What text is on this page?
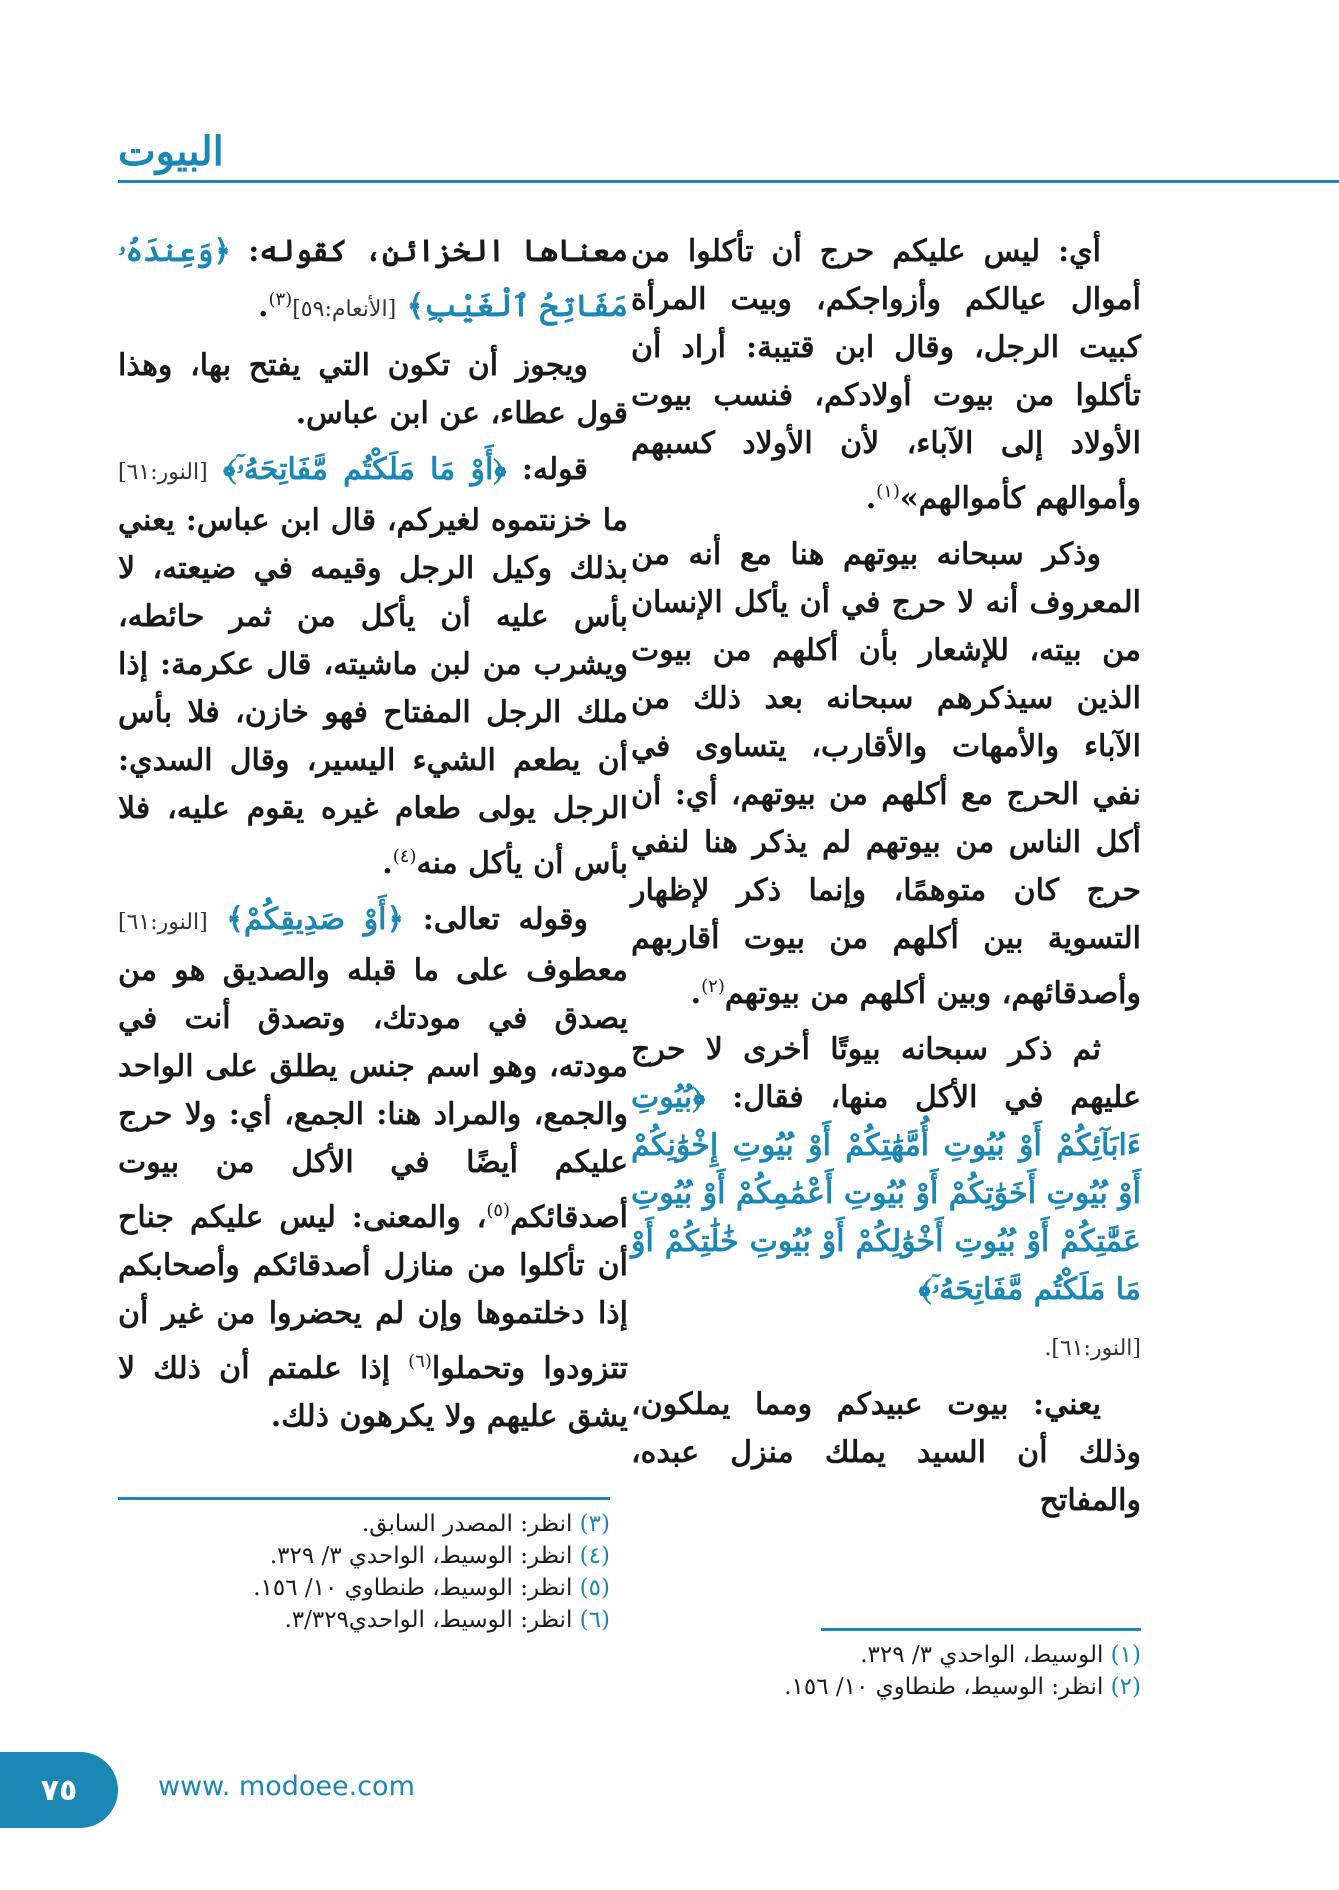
البيوت

أي: ليس عليكم حرج أن تأكلوا من أموال عيالكم وأزواجكم، وبيت المرأة كبيت الرجل، وقال ابن قتيبة: أراد أن تأكلوا من بيوت أولادكم، فنسب بيوت الأولاد إلى الآباء، لأن الأولاد كسبهم وأموالهم كأموالهم»$^{(١)}$.

وذكر سبحانه بيوتهم هنا مع أنه من المعروف أنه لا حرج في أن يأكل الإنسان من بيته، للإشعار بأن أكلهم من بيوت الذين سيذكرهم سبحانه بعد ذلك من الآباء والأمهات والأقارب، يتساوى في نفي الحرج مع أكلهم من بيوتهم، أي: أن أكل الناس من بيوتهم لم يذكر هنا لنفي حرج كان متوهمًا، وإنما ذكر لإظهار التسوية بين أكلهم من بيوت أقاربهم وأصدقائهم، وبين أكلهم من بيوتهم$^{(٢)}$.

ثم ذكر سبحانه بيوتًا أخرى لا حرج عليهم في الأكل منها، فقال: ﴿بُيُوتِ ءَابَآئِكُمْ أَوْ بُيُوتِ أُمَّهَٰتِكُمْ أَوْ بُيُوتِ إِخْوَٰنِكُمْ أَوْ بُيُوتِ أَخَوَٰتِكُمْ أَوْ بُيُوتِ أَعْمَٰمِكُمْ أَوْ بُيُوتِ عَمَّٰتِكُمْ أَوْ بُيُوتِ أَخْوَٰلِكُمْ أَوْ بُيُوتِ خَٰلَٰتِكُمْ أَوْ مَا مَلَكْتُم مَّفَاتِحَهُۥٓ﴾

[النور:٦١].

يعني: بيوت عبيدكم ومما يملكون، وذلك أن السيد يملك منزل عبده، والمفاتح

معناها الخزائن، كقوله: ﴿وَعِندَهُۥ مَفَاتِحُ ٱلْغَيْبِ﴾ [الأنعام:٥٩]$^{(٣)}$.

ويجوز أن تكون التي يفتح بها، وهذا قول عطاء، عن ابن عباس.

قوله: ﴿أَوْ مَا مَلَكْتُم مَّفَاتِحَهُۥٓ﴾ [النور:٦١] ما خزنتموه لغيركم، قال ابن عباس: يعني بذلك وكيل الرجل وقيمه في ضيعته، لا بأس عليه أن يأكل من ثمر حائطه، ويشرب من لبن ماشيته، قال عكرمة: إذا ملك الرجل المفتاح فهو خازن، فلا بأس أن يطعم الشيء اليسير، وقال السدي: الرجل يولى طعام غيره يقوم عليه، فلا بأس أن يأكل منه$^{(٤)}$.

وقوله تعالى: ﴿أَوْ صَدِيقِكُمْ﴾ [النور:٦١] معطوف على ما قبله والصديق هو من يصدق في مودتك، وتصدق أنت في مودته، وهو اسم جنس يطلق على الواحد والجمع، والمراد هنا: الجمع، أي: ولا حرج عليكم أيضًا في الأكل من بيوت أصدقائكم$^{(٥)}$، والمعنى: ليس عليكم جناح أن تأكلوا من منازل أصدقائكم وأصحابكم إذا دخلتموها وإن لم يحضروا من غير أن تتزودوا وتحملوا$^{(٦)}$ إذا علمتم أن ذلك لا يشق عليهم ولا يكرهون ذلك.

(٣) انظر: المصدر السابق.
(٤) انظر: الوسيط، الواحدي ٣/ ٣٢٩.
(٥) انظر: الوسيط، طنطاوي ١٠/ ١٥٦.
(٦) انظر: الوسيط، الواحدي٣/٣٢٩.
(١) الوسيط، الواحدي ٣/ ٣٢٩.
(٢) انظر: الوسيط، طنطاوي ١٠/ ١٥٦.
٧٥	www. modoee.com
